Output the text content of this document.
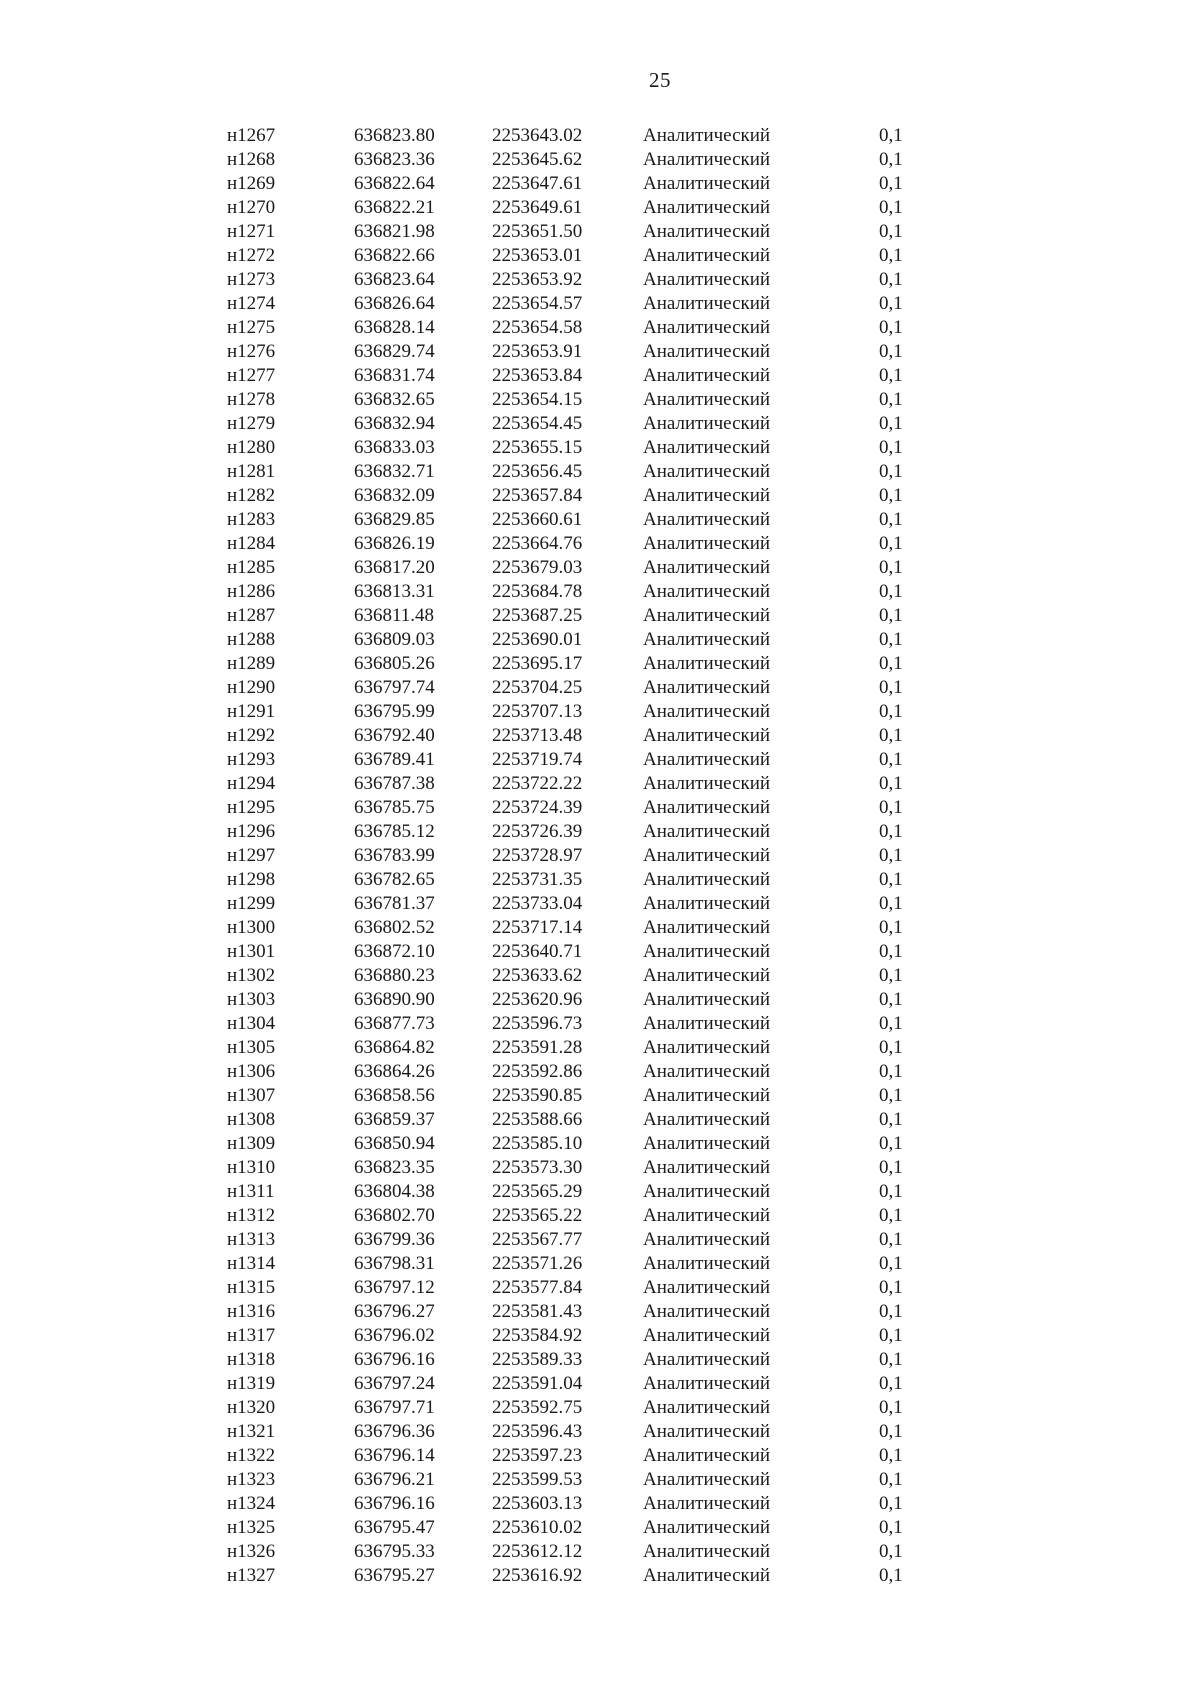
25
н1267	636823.80	2253643.02	Аналитический	0,1
н1268	636823.36	2253645.62	Аналитический	0,1
н1269	636822.64	2253647.61	Аналитический	0,1
н1270	636822.21	2253649.61	Аналитический	0,1
н1271	636821.98	2253651.50	Аналитический	0,1
н1272	636822.66	2253653.01	Аналитический	0,1
н1273	636823.64	2253653.92	Аналитический	0,1
н1274	636826.64	2253654.57	Аналитический	0,1
н1275	636828.14	2253654.58	Аналитический	0,1
н1276	636829.74	2253653.91	Аналитический	0,1
н1277	636831.74	2253653.84	Аналитический	0,1
н1278	636832.65	2253654.15	Аналитический	0,1
н1279	636832.94	2253654.45	Аналитический	0,1
н1280	636833.03	2253655.15	Аналитический	0,1
н1281	636832.71	2253656.45	Аналитический	0,1
н1282	636832.09	2253657.84	Аналитический	0,1
н1283	636829.85	2253660.61	Аналитический	0,1
н1284	636826.19	2253664.76	Аналитический	0,1
н1285	636817.20	2253679.03	Аналитический	0,1
н1286	636813.31	2253684.78	Аналитический	0,1
н1287	636811.48	2253687.25	Аналитический	0,1
н1288	636809.03	2253690.01	Аналитический	0,1
н1289	636805.26	2253695.17	Аналитический	0,1
н1290	636797.74	2253704.25	Аналитический	0,1
н1291	636795.99	2253707.13	Аналитический	0,1
н1292	636792.40	2253713.48	Аналитический	0,1
н1293	636789.41	2253719.74	Аналитический	0,1
н1294	636787.38	2253722.22	Аналитический	0,1
н1295	636785.75	2253724.39	Аналитический	0,1
н1296	636785.12	2253726.39	Аналитический	0,1
н1297	636783.99	2253728.97	Аналитический	0,1
н1298	636782.65	2253731.35	Аналитический	0,1
н1299	636781.37	2253733.04	Аналитический	0,1
н1300	636802.52	2253717.14	Аналитический	0,1
н1301	636872.10	2253640.71	Аналитический	0,1
н1302	636880.23	2253633.62	Аналитический	0,1
н1303	636890.90	2253620.96	Аналитический	0,1
н1304	636877.73	2253596.73	Аналитический	0,1
н1305	636864.82	2253591.28	Аналитический	0,1
н1306	636864.26	2253592.86	Аналитический	0,1
н1307	636858.56	2253590.85	Аналитический	0,1
н1308	636859.37	2253588.66	Аналитический	0,1
н1309	636850.94	2253585.10	Аналитический	0,1
н1310	636823.35	2253573.30	Аналитический	0,1
н1311	636804.38	2253565.29	Аналитический	0,1
н1312	636802.70	2253565.22	Аналитический	0,1
н1313	636799.36	2253567.77	Аналитический	0,1
н1314	636798.31	2253571.26	Аналитический	0,1
н1315	636797.12	2253577.84	Аналитический	0,1
н1316	636796.27	2253581.43	Аналитический	0,1
н1317	636796.02	2253584.92	Аналитический	0,1
н1318	636796.16	2253589.33	Аналитический	0,1
н1319	636797.24	2253591.04	Аналитический	0,1
н1320	636797.71	2253592.75	Аналитический	0,1
н1321	636796.36	2253596.43	Аналитический	0,1
н1322	636796.14	2253597.23	Аналитический	0,1
н1323	636796.21	2253599.53	Аналитический	0,1
н1324	636796.16	2253603.13	Аналитический	0,1
н1325	636795.47	2253610.02	Аналитический	0,1
н1326	636795.33	2253612.12	Аналитический	0,1
н1327	636795.27	2253616.92	Аналитический	0,1
